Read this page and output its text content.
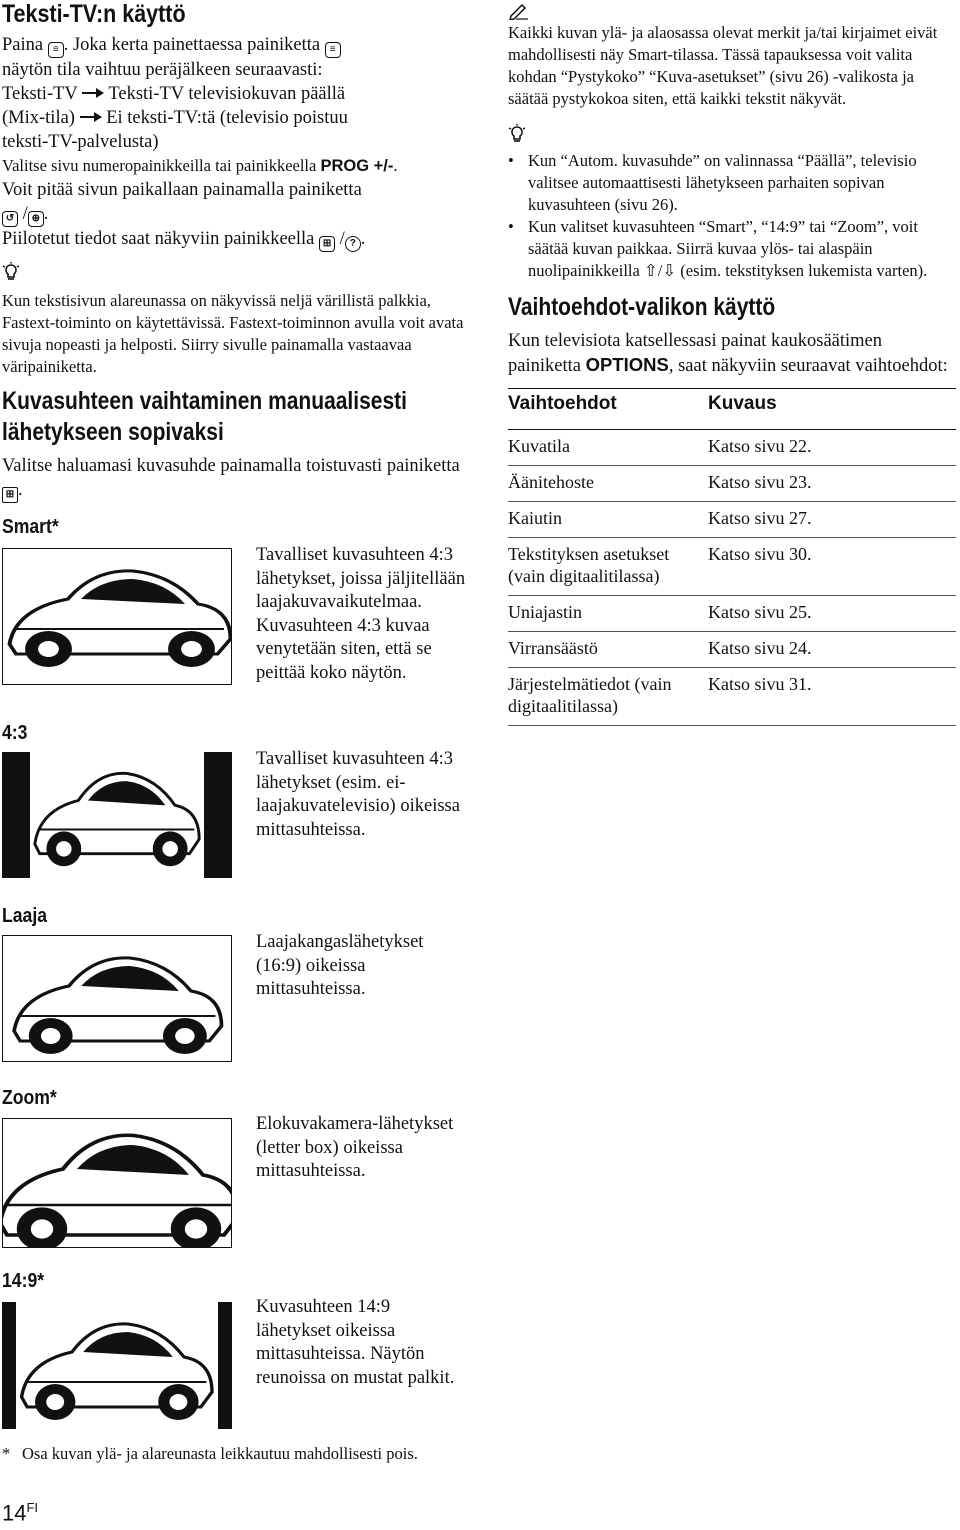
Teksti-TV:n käyttö
Paina ≡ . Joka kerta painettaessa painiketta ≡
näytön tila vaihtuu peräjälkeen seuraavasti:
Teksti-TV Teksti-TV televisiokuvan päällä
(Mix-tila) Ei teksti-TV:tä (televisio poistuu
teksti-TV-palvelusta)
Valitse sivu numeropainikkeilla tai painikkeella PROG +/-.
Voit pitää sivun paikallaan painamalla painiketta
↺ / ⊕ .
Piilotetut tiedot saat näkyviin painikkeella ⊞ / ? .
Kun tekstisivun alareunassa on näkyvissä neljä värillistä palkkia, Fastext-toiminto on käytettävissä. Fastext-toiminnon avulla voit avata sivuja nopeasti ja helposti. Siirry sivulle painamalla vastaavaa väripainiketta.
Kuvasuhteen vaihtaminen manuaalisesti lähetykseen sopivaksi
Valitse haluamasi kuvasuhde painamalla toistuvasti painiketta ⊞ .
Smart*
Tavalliset kuvasuhteen 4:3 lähetykset, joissa jäljitellään laajakuvavaikutelmaa. Kuvasuhteen 4:3 kuvaa venytetään siten, että se peittää koko näytön.
4:3
Tavalliset kuvasuhteen 4:3 lähetykset (esim. ei-laajakuvatelevisio) oikeissa mittasuhteissa.
Laaja
Laajakangaslähetykset (16:9) oikeissa mittasuhteissa.
Zoom*
Elokuvakamera-lähetykset (letter box) oikeissa mittasuhteissa.
14:9*
Kuvasuhteen 14:9 lähetykset oikeissa mittasuhteissa. Näytön reunoissa on mustat palkit.
* Osa kuvan ylä- ja alareunasta leikkautuu mahdollisesti pois.
$14^{FI}$
Kaikki kuvan ylä- ja alaosassa olevat merkit ja/tai kirjaimet eivät mahdollisesti näy Smart-tilassa. Tässä tapauksessa voit valita kohdan “Pystykoko” “Kuva-asetukset” (sivu 26) -valikosta ja säätää pystykokoa siten, että kaikki tekstit näkyvät.
• Kun “Autom. kuvasuhde” on valinnassa “Päällä”, televisio valitsee automaattisesti lähetykseen parhaiten sopivan kuvasuhteen (sivu 26).
• Kun valitset kuvasuhteen “Smart”, “14:9” tai “Zoom”, voit säätää kuvan paikkaa. Siirrä kuvaa ylös- tai alaspäin nuolipainikkeilla ⇧/⇩ (esim. tekstityksen lukemista varten).
Vaihtoehdot-valikon käyttö
Kun televisiota katsellessasi painat kaukosäätimen painiketta OPTIONS, saat näkyviin seuraavat vaihtoehdot:
Vaihtoehdot	Kuvaus
Kuvatila	Katso sivu 22.
Äänitehoste	Katso sivu 23.
Kaiutin	Katso sivu 27.
Tekstityksen asetukset (vain digitaalitilassa)	Katso sivu 30.
Uniajastin	Katso sivu 25.
Virransäästö	Katso sivu 24.
Järjestelmätiedot (vain digitaalitilassa)	Katso sivu 31.
